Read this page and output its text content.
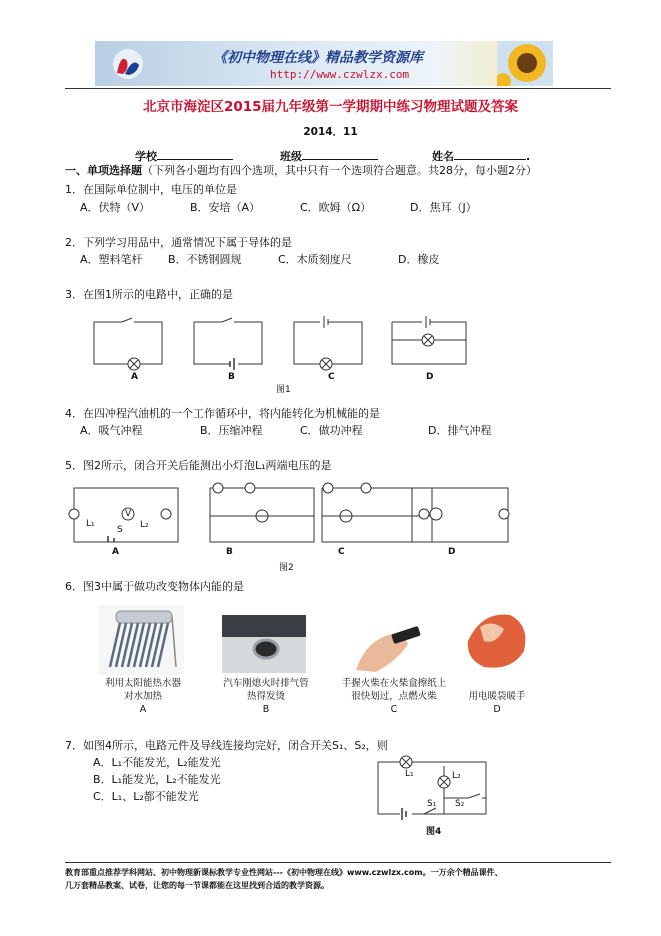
《初中物理在线》精品教学资源库
http://www.czwlzx.com
北京市海淀区2015届九年级第一学期期中练习物理试题及答案
2014．11
学校	班级	姓名	.
一、单项选择题（下列各小题均有四个选项，其中只有一个选项符合题意。共28分，每小题2分）
1．在国际单位制中，电压的单位是
A．伏特（V）	B．安培（A）	C．欧姆（Ω）	D．焦耳（J）
2．下列学习用品中，通常情况下属于导体的是
A．塑料笔杆 B．不锈钢圆规	C．木质刻度尺	D．橡皮
3．在图1所示的电路中，正确的是
A	B	C	D
图1
4．在四冲程汽油机的一个工作循环中，将内能转化为机械能的是
A．吸气冲程	B．压缩冲程	C．做功冲程	D．排气冲程
5．图2所示，闭合开关后能测出小灯泡L₁两端电压的是
L₁
S
V
L₂
A	B	C	D
图2
6．图3中属于做功改变物体内能的是
利用太阳能热水器
对水加热
A
汽车刚熄火时排气管
热得发烫
B
手握火柴在火柴盒擦纸上
很快划过，点燃火柴
C
用电暖袋暖手
D
7．如图4所示，电路元件及导线连接均完好，闭合开关S₁、S₂，则
A．L₁不能发光，L₂能发光
B．L₁能发光，L₂不能发光
C．L₁、L₂都不能发光
L₁	L₂
S₁ S₂
图4
教育部重点推荐学科网站、初中物理新课标教学专业性网站---《初中物理在线》www.czwlzx.com。一万余个精品课件、
几万套精品教案、试卷，让您的每一节课都能在这里找到合适的教学资源。
